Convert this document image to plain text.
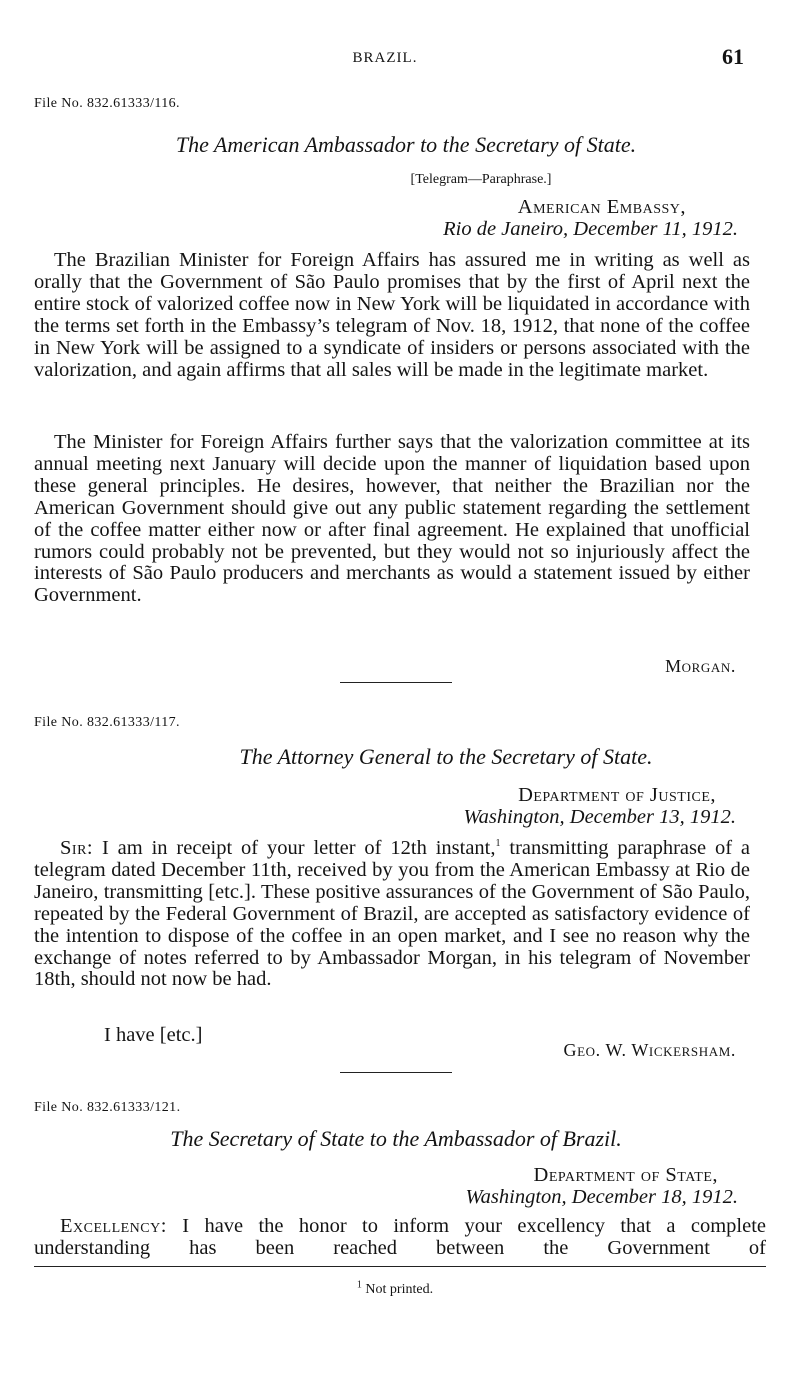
BRAZIL.	61
File No. 832.61333/116.
The American Ambassador to the Secretary of State.
[Telegram—Paraphrase.]
American Embassy,
Rio de Janeiro, December 11, 1912.
The Brazilian Minister for Foreign Affairs has assured me in writing as well as orally that the Government of São Paulo promises that by the first of April next the entire stock of valorized coffee now in New York will be liquidated in accordance with the terms set forth in the Embassy’s telegram of Nov. 18, 1912, that none of the coffee in New York will be assigned to a syndicate of insiders or persons associated with the valorization, and again affirms that all sales will be made in the legitimate market.
The Minister for Foreign Affairs further says that the valorization committee at its annual meeting next January will decide upon the manner of liquidation based upon these general principles. He desires, however, that neither the Brazilian nor the American Government should give out any public statement regarding the settlement of the coffee matter either now or after final agreement. He explained that unofficial rumors could probably not be prevented, but they would not so injuriously affect the interests of São Paulo producers and merchants as would a statement issued by either Government.
Morgan.
File No. 832.61333/117.
The Attorney General to the Secretary of State.
Department of Justice,
Washington, December 13, 1912.
Sir: I am in receipt of your letter of 12th instant,$^1$ transmitting paraphrase of a telegram dated December 11th, received by you from the American Embassy at Rio de Janeiro, transmitting [etc.]. These positive assurances of the Government of São Paulo, repeated by the Federal Government of Brazil, are accepted as satisfactory evidence of the intention to dispose of the coffee in an open market, and I see no reason why the exchange of notes referred to by Ambassador Morgan, in his telegram of November 18th, should not now be had.
I have [etc.]
Geo. W. Wickersham.
File No. 832.61333/121.
The Secretary of State to the Ambassador of Brazil.
Department of State,
Washington, December 18, 1912.
Excellency: I have the honor to inform your excellency that a complete understanding has been reached between the Government of
$^1$ Not printed.
